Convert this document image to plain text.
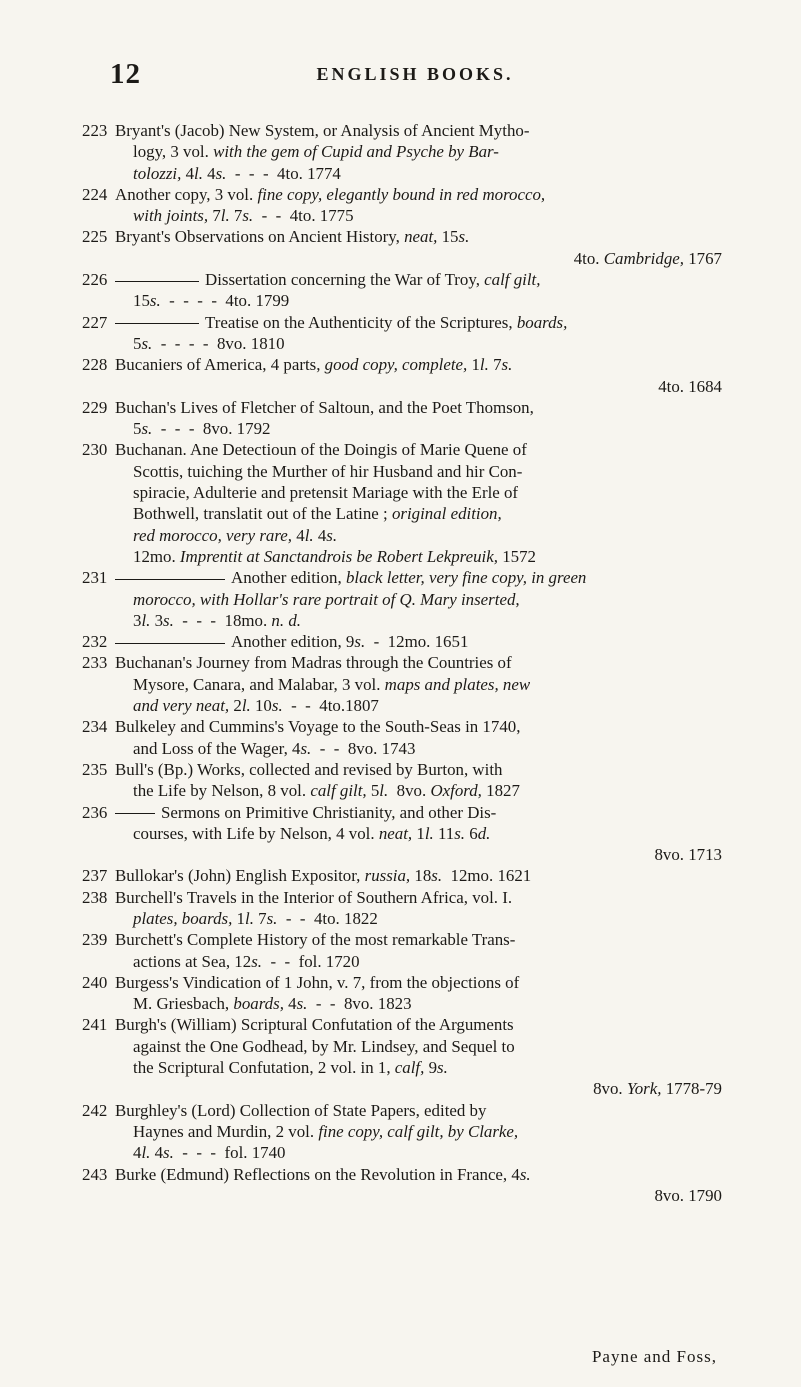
12	ENGLISH BOOKS.
223 Bryant's (Jacob) New System, or Analysis of Ancient Mytho-
logy, 3 vol. with the gem of Cupid and Psyche by Bar-
tolozzi, 4l. 4s.  -  -  -  4to. 1774
224 Another copy, 3 vol. fine copy, elegantly bound in red morocco,
with joints, 7l. 7s.  -  -  4to. 1775
225 Bryant's Observations on Ancient History, neat, 15s.
4to. Cambridge, 1767
226	Dissertation concerning the War of Troy, calf gilt,
15s.  -  -  -  -  4to. 1799
227	Treatise on the Authenticity of the Scriptures, boards,
5s.  -  -  -  -  8vo. 1810
228 Bucaniers of America, 4 parts, good copy, complete, 1l. 7s.
4to. 1684
229 Buchan's Lives of Fletcher of Saltoun, and the Poet Thomson,
5s.  -  -  -  8vo. 1792
230 Buchanan. Ane Detectioun of the Doingis of Marie Quene of
Scottis, tuiching the Murther of hir Husband and hir Con-
spiracie, Adulterie and pretensit Mariage with the Erle of
Bothwell, translatit out of the Latine ; original edition,
red morocco, very rare, 4l. 4s.
12mo. Imprentit at Sanctandrois be Robert Lekpreuik, 1572
231	Another edition, black letter, very fine copy, in green
morocco, with Hollar's rare portrait of Q. Mary inserted,
3l. 3s.  -  -  -  18mo. n. d.
232	Another edition, 9s.  -  12mo. 1651
233 Buchanan's Journey from Madras through the Countries of
Mysore, Canara, and Malabar, 3 vol. maps and plates, new
and very neat, 2l. 10s.  -  -  4to.1807
234 Bulkeley and Cummins's Voyage to the South-Seas in 1740,
and Loss of the Wager, 4s.  -  -  8vo. 1743
235 Bull's (Bp.) Works, collected and revised by Burton, with
the Life by Nelson, 8 vol. calf gilt, 5l.  8vo. Oxford, 1827
236	Sermons on Primitive Christianity, and other Dis-
courses, with Life by Nelson, 4 vol. neat, 1l. 11s. 6d.
8vo. 1713
237 Bullokar's (John) English Expositor, russia, 18s.  12mo. 1621
238 Burchell's Travels in the Interior of Southern Africa, vol. I.
plates, boards, 1l. 7s.  -  -  4to. 1822
239 Burchett's Complete History of the most remarkable Trans-
actions at Sea, 12s.  -  -  fol. 1720
240 Burgess's Vindication of 1 John, v. 7, from the objections of
M. Griesbach, boards, 4s.  -  -  8vo. 1823
241 Burgh's (William) Scriptural Confutation of the Arguments
against the One Godhead, by Mr. Lindsey, and Sequel to
the Scriptural Confutation, 2 vol. in 1, calf, 9s.
8vo. York, 1778-79
242 Burghley's (Lord) Collection of State Papers, edited by
Haynes and Murdin, 2 vol. fine copy, calf gilt, by Clarke,
4l. 4s.  -  -  -  fol. 1740
243 Burke (Edmund) Reflections on the Revolution in France, 4s.
8vo. 1790
Payne and Foss,
